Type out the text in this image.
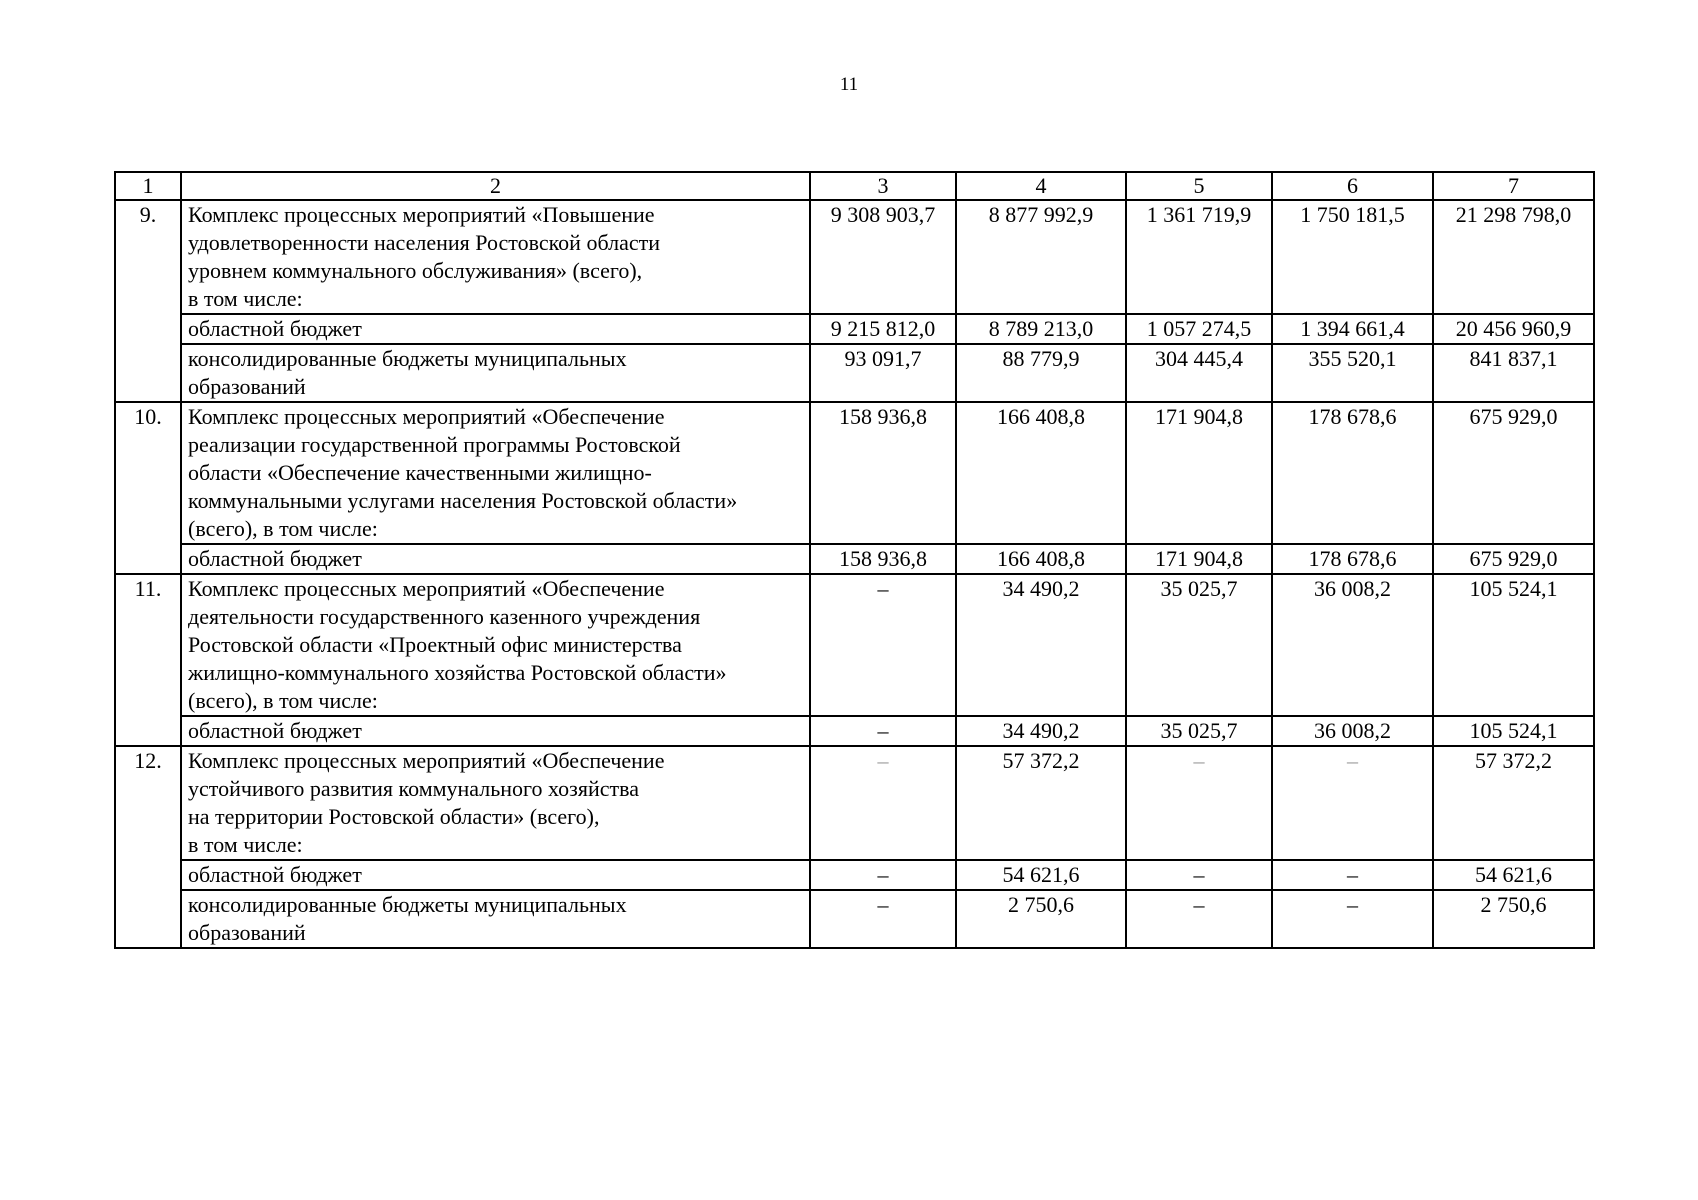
11
1	2	3	4	5	6	7
9.	Комплекс процессных мероприятий «Повышение
удовлетворенности населения Ростовской области
уровнем коммунального обслуживания» (всего),
в том числе:	9 308 903,7	8 877 992,9	1 361 719,9	1 750 181,5	21 298 798,0

	областной бюджет	9 215 812,0	8 789 213,0	1 057 274,5	1 394 661,4	20 456 960,9

	консолидированные бюджеты муниципальных
образований	93 091,7	88 779,9	304 445,4	355 520,1	841 837,1
10.	Комплекс процессных мероприятий «Обеспечение
реализации государственной программы Ростовской
области «Обеспечение качественными жилищно-
коммунальными услугами населения Ростовской области»
(всего), в том числе:	158 936,8	166 408,8	171 904,8	178 678,6	675 929,0

	областной бюджет	158 936,8	166 408,8	171 904,8	178 678,6	675 929,0
11.	Комплекс процессных мероприятий «Обеспечение
деятельности государственного казенного учреждения
Ростовской области «Проектный офис министерства
жилищно-коммунального хозяйства Ростовской области»
(всего), в том числе:	–	34 490,2	35 025,7	36 008,2	105 524,1

	областной бюджет	–	34 490,2	35 025,7	36 008,2	105 524,1
12.	Комплекс процессных мероприятий «Обеспечение
устойчивого развития коммунального хозяйства
на территории Ростовской области» (всего),
в том числе:	–	57 372,2	–	–	57 372,2

	областной бюджет	–	54 621,6	–	–	54 621,6

	консолидированные бюджеты муниципальных
образований	–	2 750,6	–	–	2 750,6
